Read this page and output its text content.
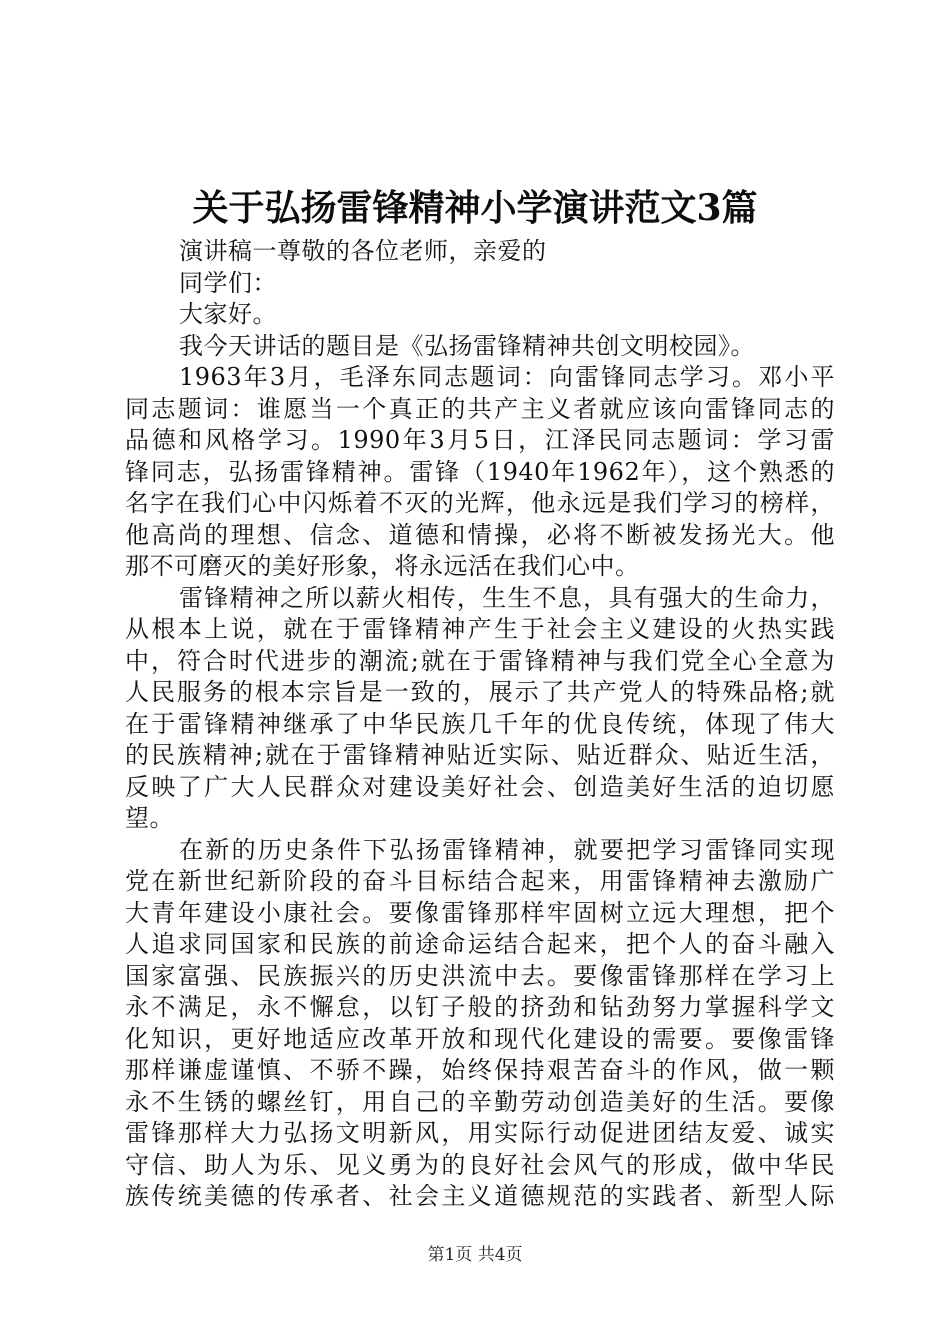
关于弘扬雷锋精神小学演讲范文3篇
演讲稿一尊敬的各位老师，亲爱的
同学们：
大家好。
我今天讲话的题目是《弘扬雷锋精神共创文明校园》。
1963年3月，毛泽东同志题词：向雷锋同志学习。邓小平
同志题词：谁愿当一个真正的共产主义者就应该向雷锋同志的
品德和风格学习。1990年3月5日，江泽民同志题词：学习雷
锋同志，弘扬雷锋精神。雷锋（1940年1962年），这个熟悉的
名字在我们心中闪烁着不灭的光辉，他永远是我们学习的榜样，
他高尚的理想、信念、道德和情操，必将不断被发扬光大。他
那不可磨灭的美好形象，将永远活在我们心中。
雷锋精神之所以薪火相传，生生不息，具有强大的生命力，
从根本上说，就在于雷锋精神产生于社会主义建设的火热实践
中，符合时代进步的潮流;就在于雷锋精神与我们党全心全意为
人民服务的根本宗旨是一致的，展示了共产党人的特殊品格;就
在于雷锋精神继承了中华民族几千年的优良传统，体现了伟大
的民族精神;就在于雷锋精神贴近实际、贴近群众、贴近生活，
反映了广大人民群众对建设美好社会、创造美好生活的迫切愿
望。
在新的历史条件下弘扬雷锋精神，就要把学习雷锋同实现
党在新世纪新阶段的奋斗目标结合起来，用雷锋精神去激励广
大青年建设小康社会。要像雷锋那样牢固树立远大理想，把个
人追求同国家和民族的前途命运结合起来，把个人的奋斗融入
国家富强、民族振兴的历史洪流中去。要像雷锋那样在学习上
永不满足，永不懈怠，以钉子般的挤劲和钻劲努力掌握科学文
化知识，更好地适应改革开放和现代化建设的需要。要像雷锋
那样谦虚谨慎、不骄不躁，始终保持艰苦奋斗的作风，做一颗
永不生锈的螺丝钉，用自己的辛勤劳动创造美好的生活。要像
雷锋那样大力弘扬文明新风，用实际行动促进团结友爱、诚实
守信、助人为乐、见义勇为的良好社会风气的形成，做中华民
族传统美德的传承者、社会主义道德规范的实践者、新型人际
第1页 共4页
